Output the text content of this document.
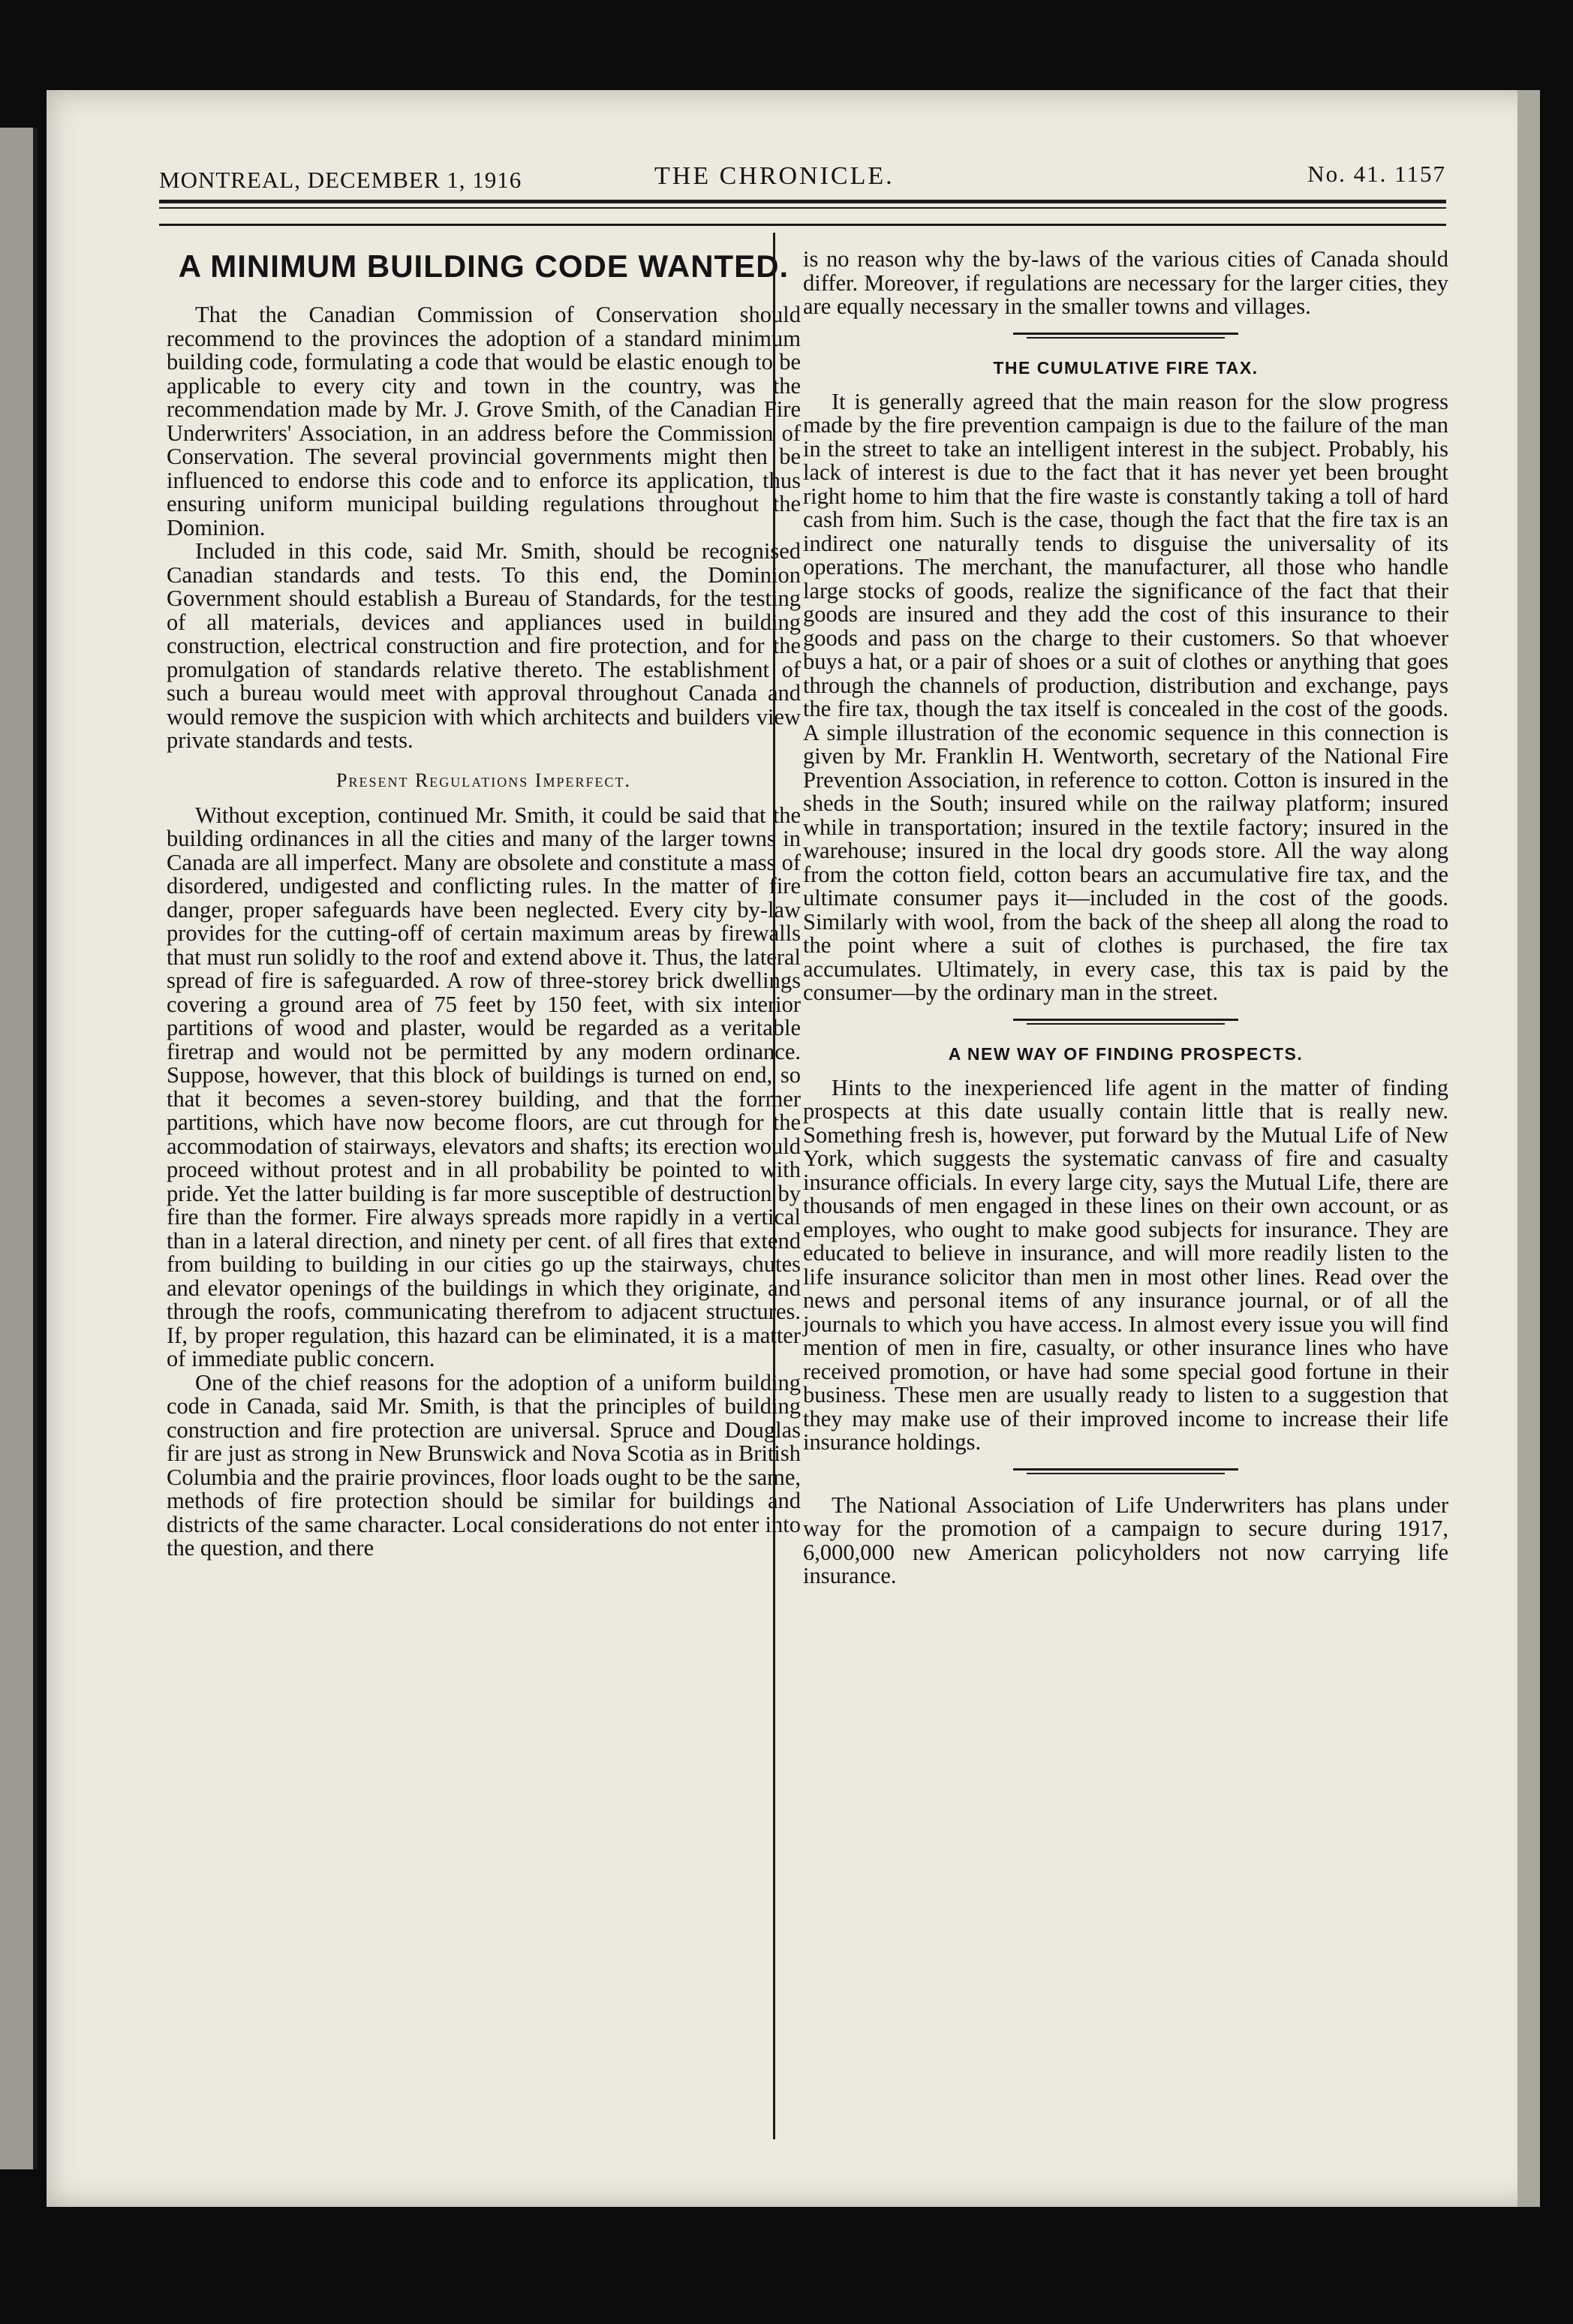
MONTREAL, DECEMBER 1, 1916	THE CHRONICLE.	No. 41. 1157
A MINIMUM BUILDING CODE WANTED.

That the Canadian Commission of Conservation should recommend to the provinces the adoption of a standard minimum building code, formulating a code that would be elastic enough to be applicable to every city and town in the country, was the recommendation made by Mr. J. Grove Smith, of the Canadian Fire Underwriters' Association, in an address before the Commission of Conservation. The several provincial governments might then be influenced to endorse this code and to enforce its application, thus ensuring uniform municipal building regulations throughout the Dominion.

Included in this code, said Mr. Smith, should be recognised Canadian standards and tests. To this end, the Dominion Government should establish a Bureau of Standards, for the testing of all materials, devices and appliances used in building construction, electrical construction and fire protection, and for the promulgation of standards relative thereto. The establishment of such a bureau would meet with approval throughout Canada and would remove the suspicion with which architects and builders view private standards and tests.

Present Regulations Imperfect.

Without exception, continued Mr. Smith, it could be said that the building ordinances in all the cities and many of the larger towns in Canada are all imperfect. Many are obsolete and constitute a mass of disordered, undigested and conflicting rules. In the matter of fire danger, proper safeguards have been neglected. Every city by-law provides for the cutting-off of certain maximum areas by firewalls that must run solidly to the roof and extend above it. Thus, the lateral spread of fire is safeguarded. A row of three-storey brick dwellings covering a ground area of 75 feet by 150 feet, with six interior partitions of wood and plaster, would be regarded as a veritable firetrap and would not be permitted by any modern ordinance. Suppose, however, that this block of buildings is turned on end, so that it becomes a seven-storey building, and that the former partitions, which have now become floors, are cut through for the accommodation of stairways, elevators and shafts; its erection would proceed without protest and in all probability be pointed to with pride. Yet the latter building is far more susceptible of destruction by fire than the former. Fire always spreads more rapidly in a vertical than in a lateral direction, and ninety per cent. of all fires that extend from building to building in our cities go up the stairways, chutes and elevator openings of the buildings in which they originate, and through the roofs, communicating therefrom to adjacent structures. If, by proper regulation, this hazard can be eliminated, it is a matter of immediate public concern.

One of the chief reasons for the adoption of a uniform building code in Canada, said Mr. Smith, is that the principles of building construction and fire protection are universal. Spruce and Douglas fir are just as strong in New Brunswick and Nova Scotia as in British Columbia and the prairie provinces, floor loads ought to be the same, methods of fire protection should be similar for buildings and districts of the same character. Local considerations do not enter into the question, and there

is no reason why the by-laws of the various cities of Canada should differ. Moreover, if regulations are necessary for the larger cities, they are equally necessary in the smaller towns and villages.

THE CUMULATIVE FIRE TAX.

It is generally agreed that the main reason for the slow progress made by the fire prevention campaign is due to the failure of the man in the street to take an intelligent interest in the subject. Probably, his lack of interest is due to the fact that it has never yet been brought right home to him that the fire waste is constantly taking a toll of hard cash from him. Such is the case, though the fact that the fire tax is an indirect one naturally tends to disguise the universality of its operations. The merchant, the manufacturer, all those who handle large stocks of goods, realize the significance of the fact that their goods are insured and they add the cost of this insurance to their goods and pass on the charge to their customers. So that whoever buys a hat, or a pair of shoes or a suit of clothes or anything that goes through the channels of production, distribution and exchange, pays the fire tax, though the tax itself is concealed in the cost of the goods. A simple illustration of the economic sequence in this connection is given by Mr. Franklin H. Wentworth, secretary of the National Fire Prevention Association, in reference to cotton. Cotton is insured in the sheds in the South; insured while on the railway platform; insured while in transportation; insured in the textile factory; insured in the warehouse; insured in the local dry goods store. All the way along from the cotton field, cotton bears an accumulative fire tax, and the ultimate consumer pays it—included in the cost of the goods. Similarly with wool, from the back of the sheep all along the road to the point where a suit of clothes is purchased, the fire tax accumulates. Ultimately, in every case, this tax is paid by the consumer—by the ordinary man in the street.

A NEW WAY OF FINDING PROSPECTS.

Hints to the inexperienced life agent in the matter of finding prospects at this date usually contain little that is really new. Something fresh is, however, put forward by the Mutual Life of New York, which suggests the systematic canvass of fire and casualty insurance officials. In every large city, says the Mutual Life, there are thousands of men engaged in these lines on their own account, or as employes, who ought to make good subjects for insurance. They are educated to believe in insurance, and will more readily listen to the life insurance solicitor than men in most other lines. Read over the news and personal items of any insurance journal, or of all the journals to which you have access. In almost every issue you will find mention of men in fire, casualty, or other insurance lines who have received promotion, or have had some special good fortune in their business. These men are usually ready to listen to a suggestion that they may make use of their improved income to increase their life insurance holdings.

The National Association of Life Underwriters has plans under way for the promotion of a campaign to secure during 1917, 6,000,000 new American policyholders not now carrying life insurance.
